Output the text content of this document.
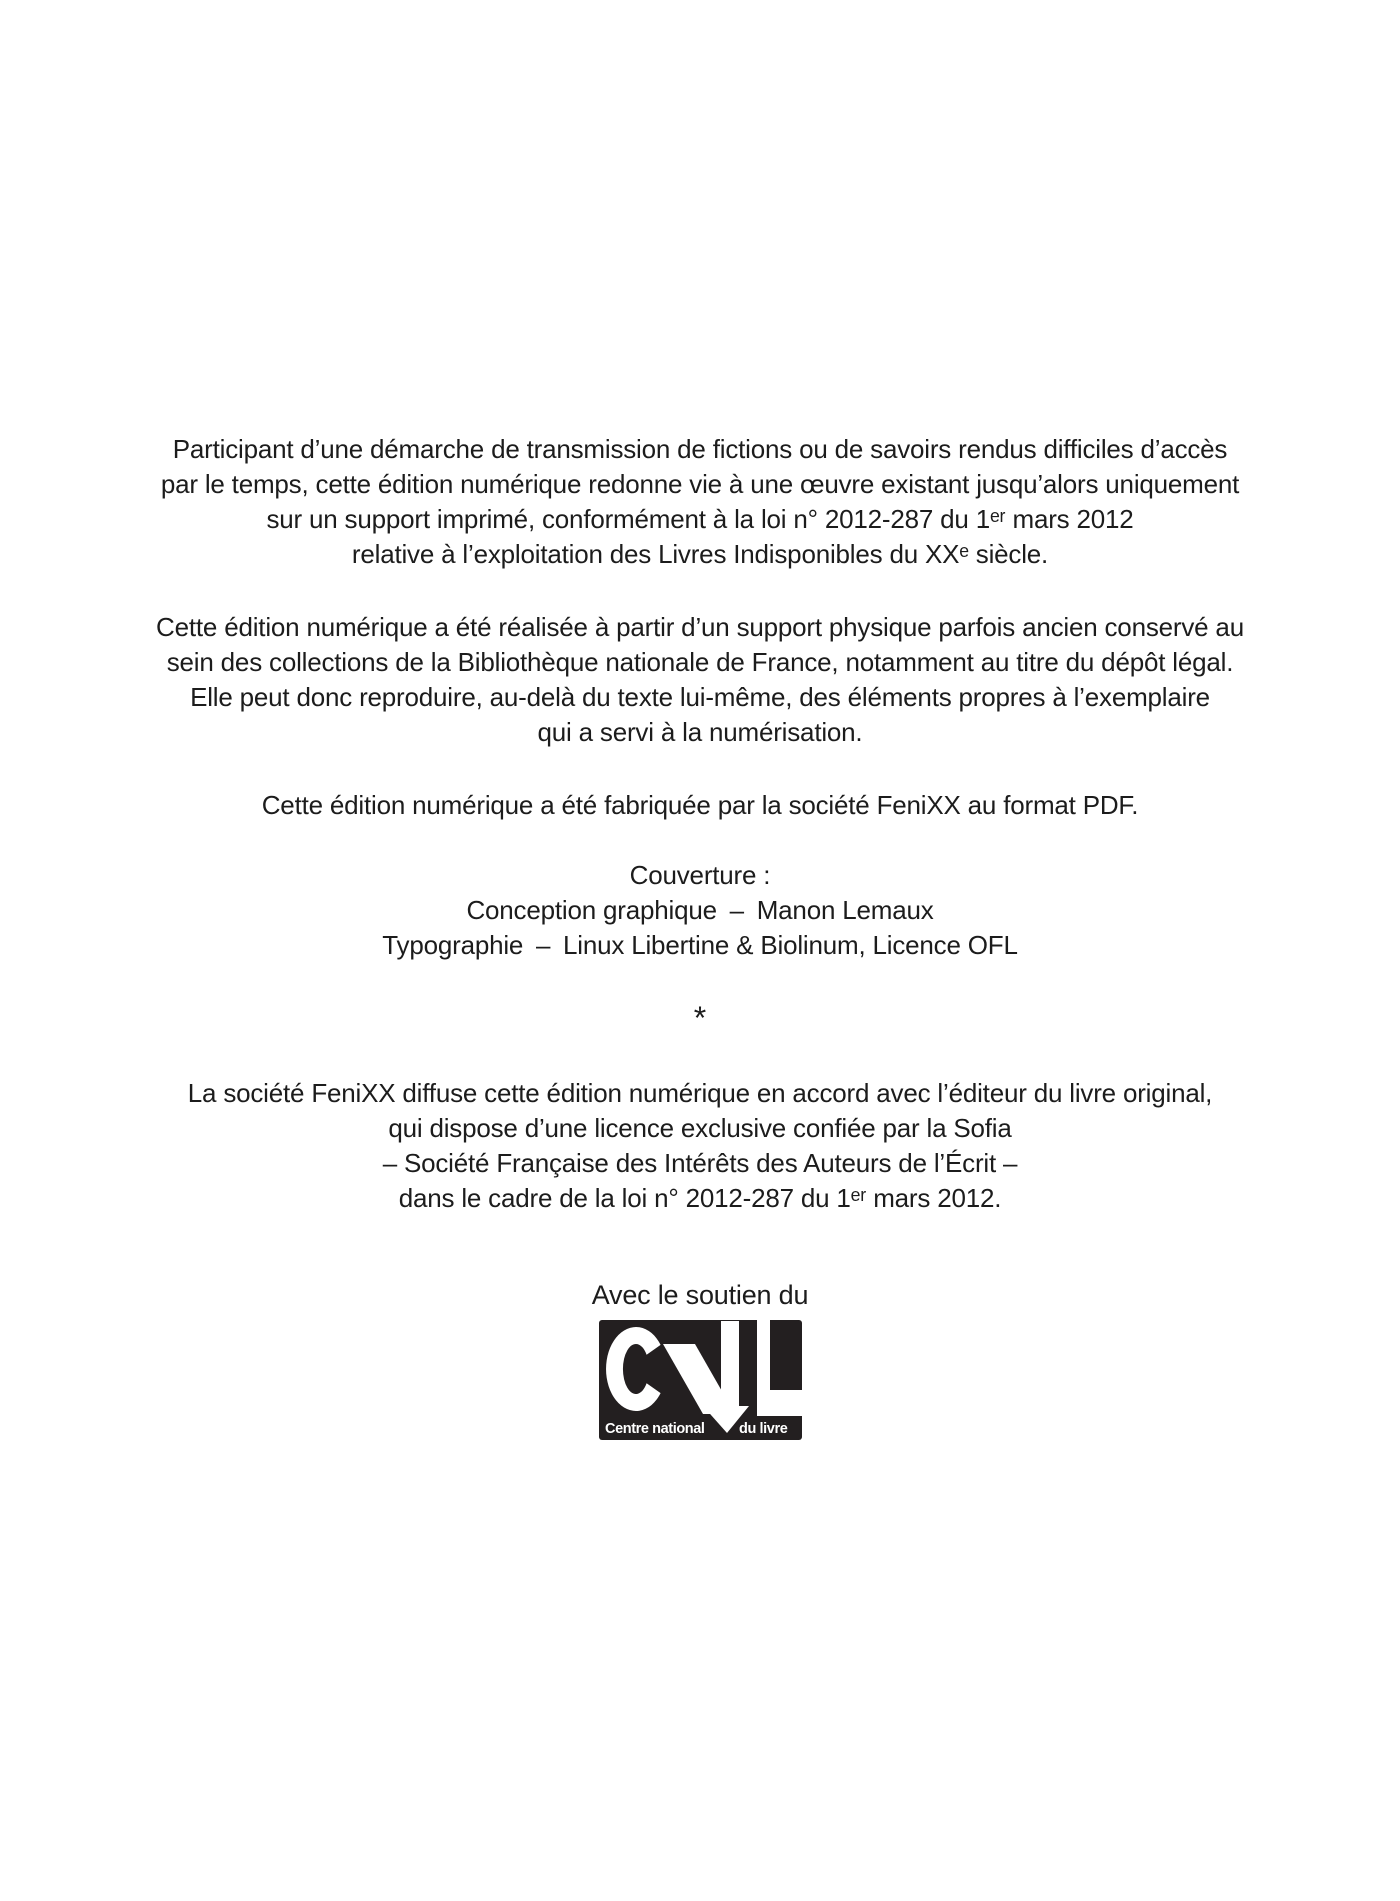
Participant d’une démarche de transmission de fictions ou de savoirs rendus difficiles d’accès
par le temps, cette édition numérique redonne vie à une œuvre existant jusqu’alors uniquement
sur un support imprimé, conformément à la loi n° 2012-287 du 1ᵉʳ mars 2012
relative à l’exploitation des Livres Indisponibles du XXᵉ siècle.
Cette édition numérique a été réalisée à partir d’un support physique parfois ancien conservé au
sein des collections de la Bibliothèque nationale de France, notamment au titre du dépôt légal.
Elle peut donc reproduire, au-delà du texte lui-même, des éléments propres à l’exemplaire
qui a servi à la numérisation.
Cette édition numérique a été fabriquée par la société FeniXX au format PDF.
Couverture :
Conception graphique – Manon Lemaux
Typographie – Linux Libertine & Biolinum, Licence OFL
*
La société FeniXX diffuse cette édition numérique en accord avec l’éditeur du livre original,
qui dispose d’une licence exclusive confiée par la Sofia
– Société Française des Intérêts des Auteurs de l’Écrit –
dans le cadre de la loi n° 2012-287 du 1ᵉʳ mars 2012.
Avec le soutien du
Centre national du livre
